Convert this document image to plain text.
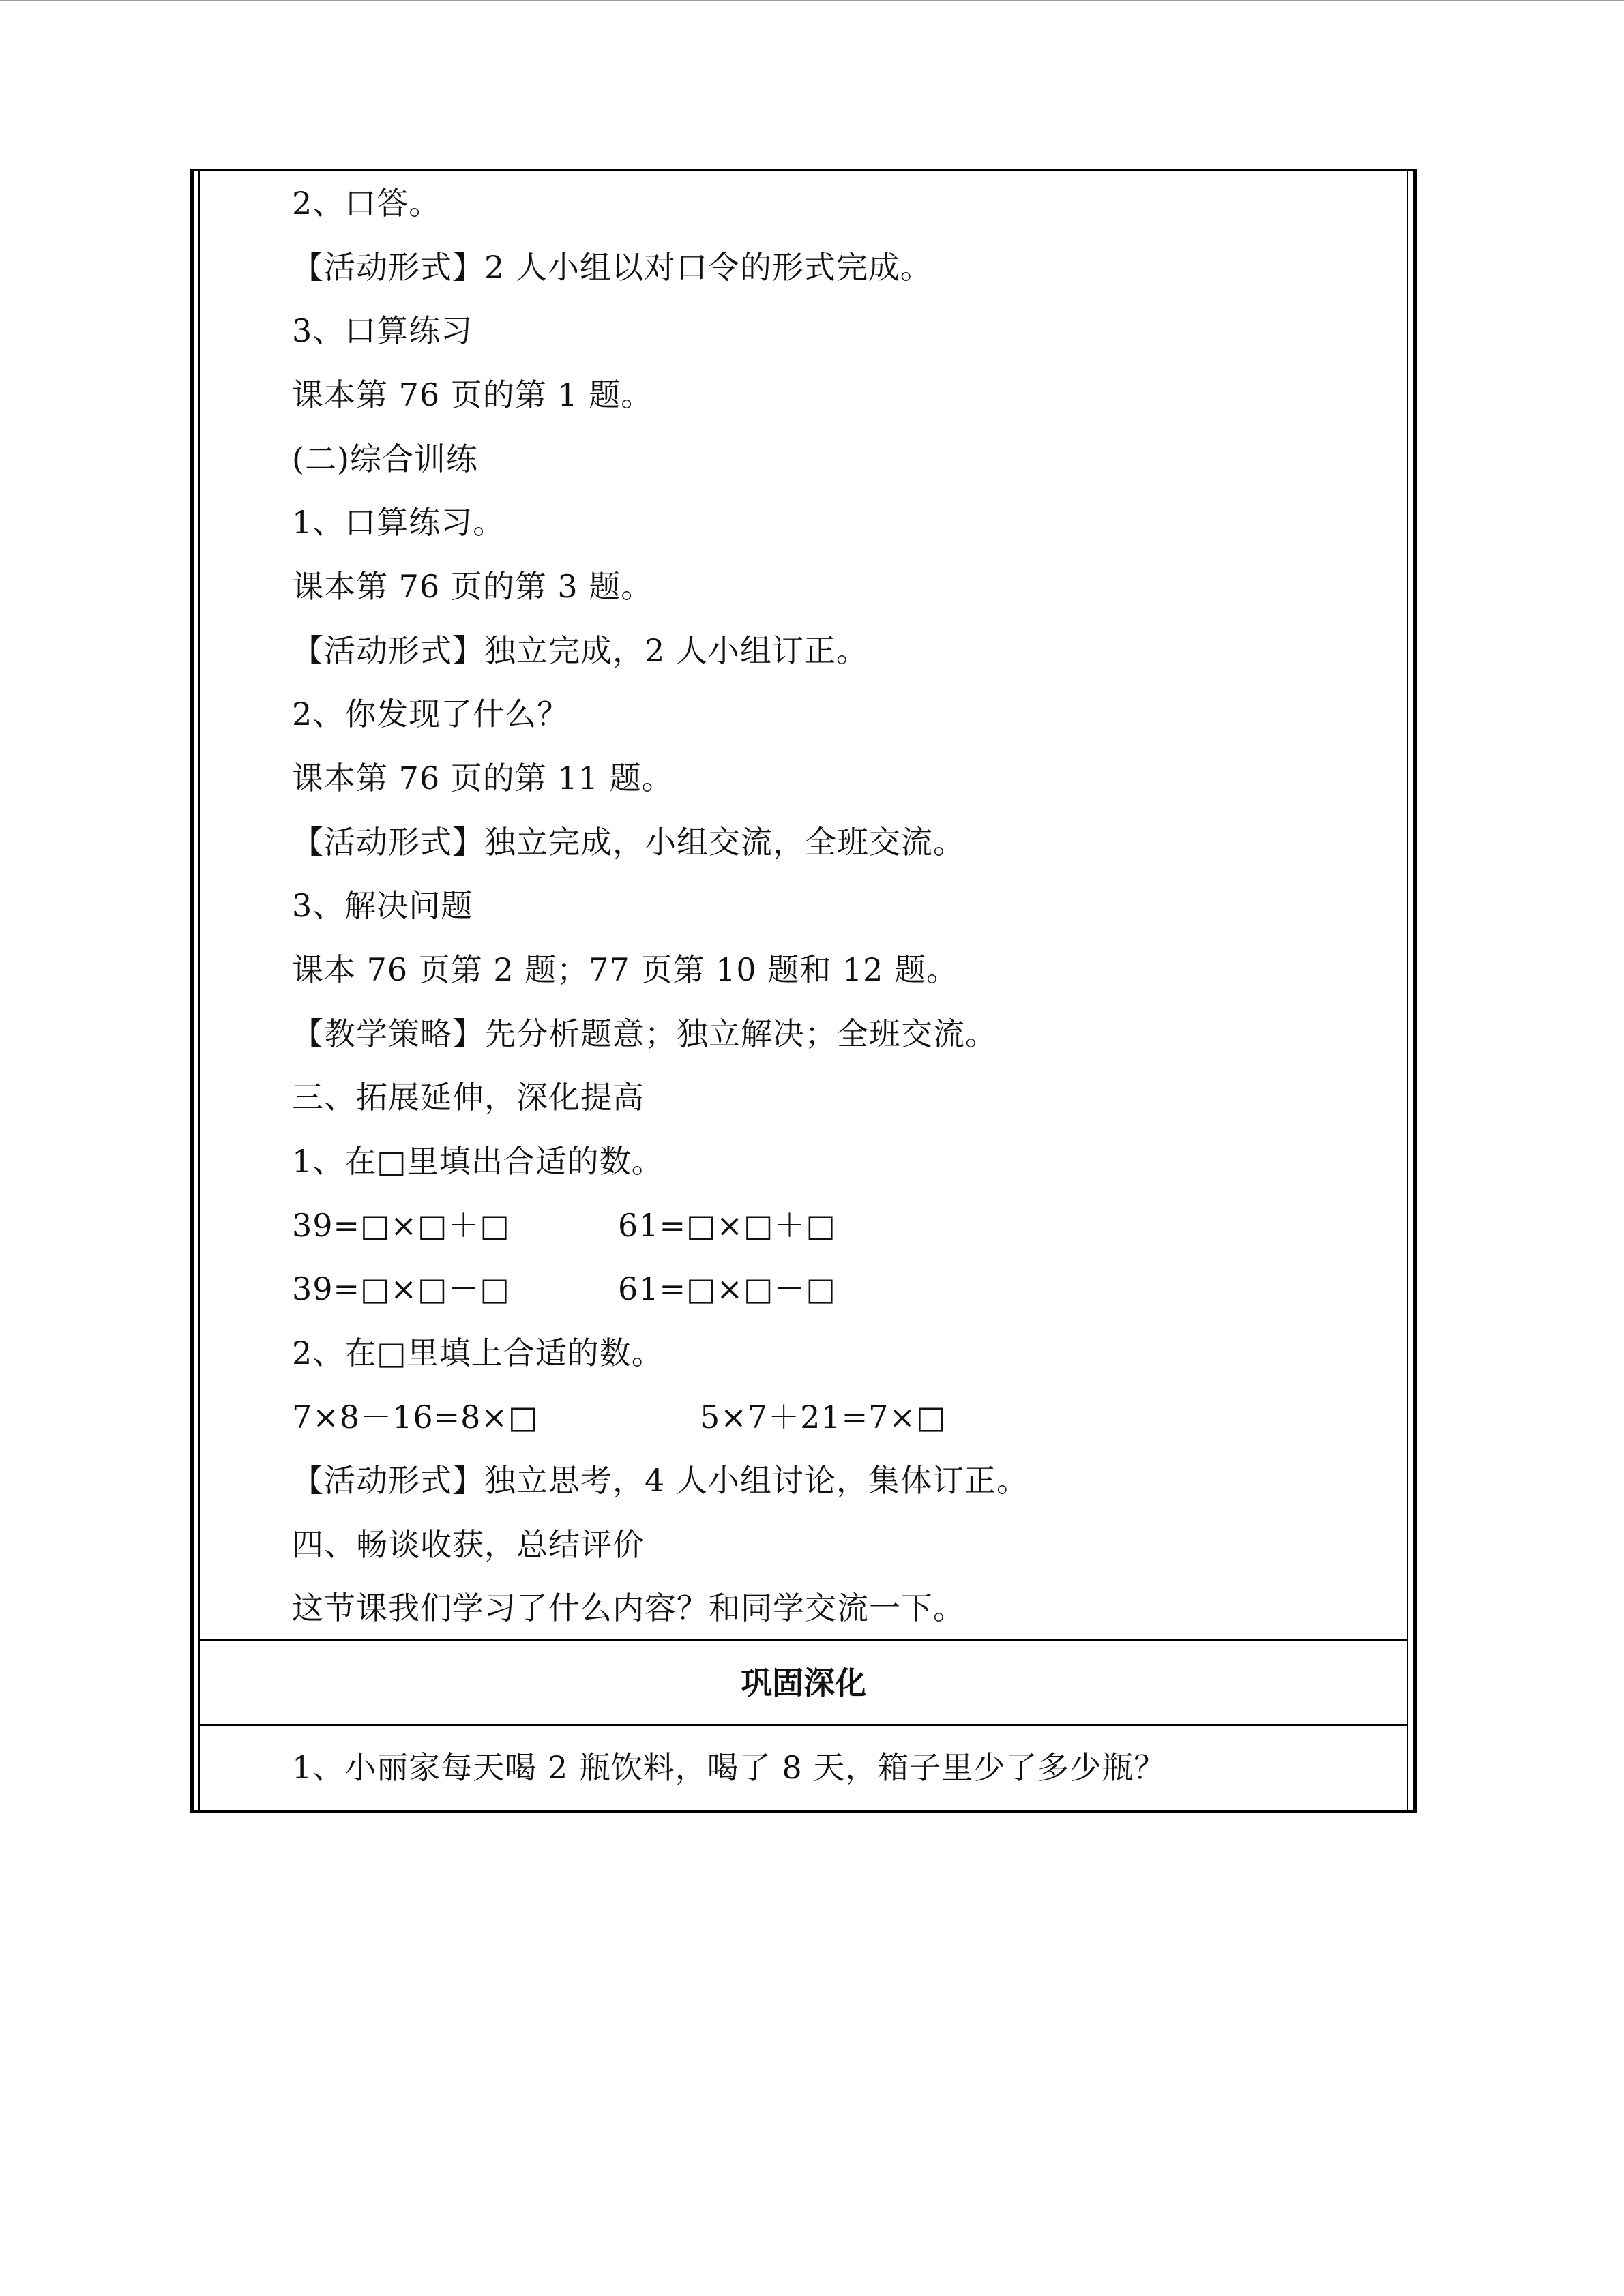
2、口答。
【活动形式】2 人小组以对口令的形式完成。
3、口算练习
课本第 76 页的第 1 题。
(二)综合训练
1、口算练习。
课本第 76 页的第 3 题。
【活动形式】独立完成，2 人小组订正。
2、你发现了什么？
课本第 76 页的第 11 题。
【活动形式】独立完成，小组交流，全班交流。
3、解决问题
课本 76 页第 2 题；77 页第 10 题和 12 题。
【教学策略】先分析题意；独立解决；全班交流。
三、拓展延伸，深化提高
1、在□里填出合适的数。
39=□×□＋□	61=□×□＋□
39=□×□－□	61=□×□－□
2、在□里填上合适的数。
7×8－16=8×□	5×7＋21=7×□
【活动形式】独立思考，4 人小组讨论，集体订正。
四、畅谈收获，总结评价
这节课我们学习了什么内容？和同学交流一下。
巩固深化
1、小丽家每天喝 2 瓶饮料，喝了 8 天，箱子里少了多少瓶？
